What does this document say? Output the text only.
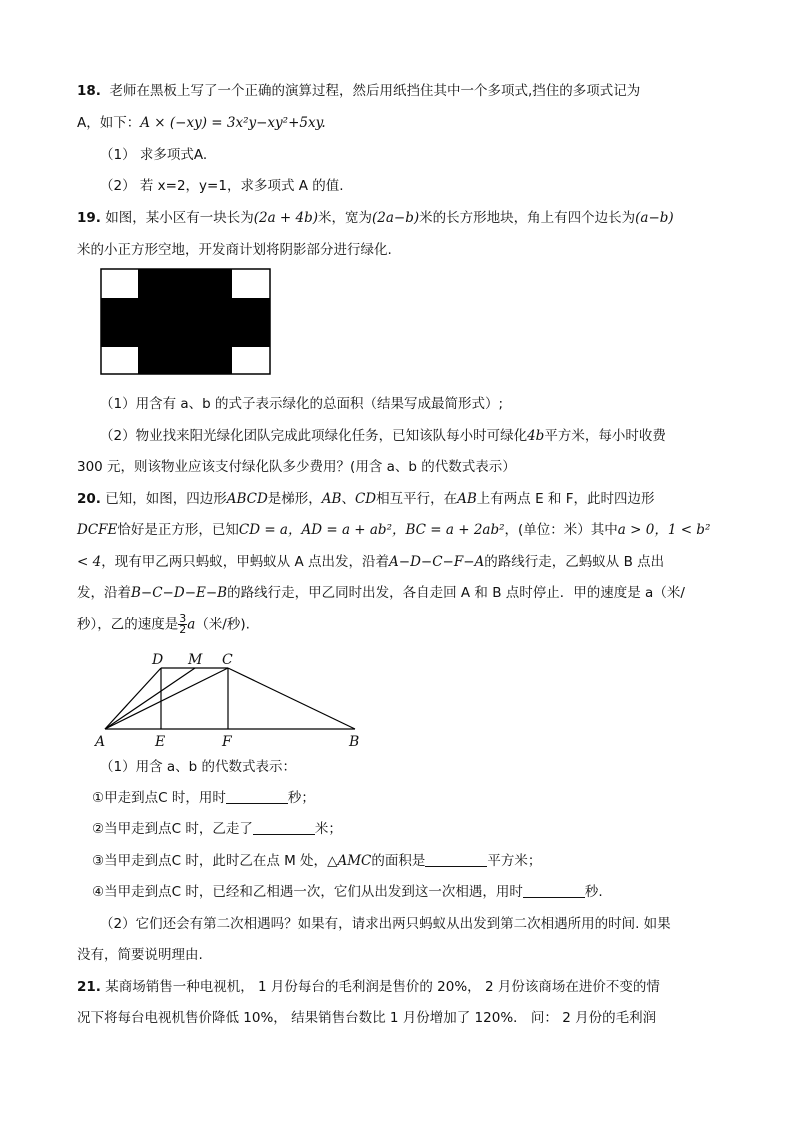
18. 老师在黑板上写了一个正确的演算过程，然后用纸挡住其中一个多项式,挡住的多项式记为
A，如下：A × (−xy) = 3x²y−xy²+5xy.
（1） 求多项式A.
（2） 若 x=2，y=1，求多项式 A 的值.
19. 如图，某小区有一块长为(2a + 4b)米，宽为(2a−b)米的长方形地块，角上有四个边长为(a−b)
米的小正方形空地，开发商计划将阴影部分进行绿化.
（1）用含有 a、b 的式子表示绿化的总面积（结果写成最简形式）;
（2）物业找来阳光绿化团队完成此项绿化任务，已知该队每小时可绿化4b平方米，每小时收费
300 元，则该物业应该支付绿化队多少费用？(用含 a、b 的代数式表示）
20. 已知，如图，四边形ABCD是梯形，AB、CD相互平行，在AB上有两点 E 和 F，此时四边形
DCFE恰好是正方形，已知CD = a，AD = a + ab²，BC = a + 2ab²，(单位：米）其中a > 0，1 < b²
< 4，现有甲乙两只蚂蚁，甲蚂蚁从 A 点出发，沿着A−D−C−F−A的路线行走，乙蚂蚁从 B 点出
发，沿着B−C−D−E−B的路线行走，甲乙同时出发，各自走回 A 和 B 点时停止．甲的速度是 a（米/
秒），乙的速度是 $\frac{3}{2} a$（米/秒).
D M C
A	E	F	B
（1）用含 a、b 的代数式表示：
①甲走到点C 时，用时	秒；
②当甲走到点C 时，乙走了	米；
③当甲走到点C 时，此时乙在点 M 处，△AMC的面积是	平方米；
④当甲走到点C 时，已经和乙相遇一次，它们从出发到这一次相遇，用时	秒.
（2）它们还会有第二次相遇吗？如果有，请求出两只蚂蚁从出发到第二次相遇所用的时间. 如果
没有，简要说明理由.
21. 某商场销售一种电视机， 1 月份每台的毛利润是售价的 20%， 2 月份该商场在进价不变的情
况下将每台电视机售价降低 10%， 结果销售台数比 1 月份增加了 120%． 问： 2 月份的毛利润
